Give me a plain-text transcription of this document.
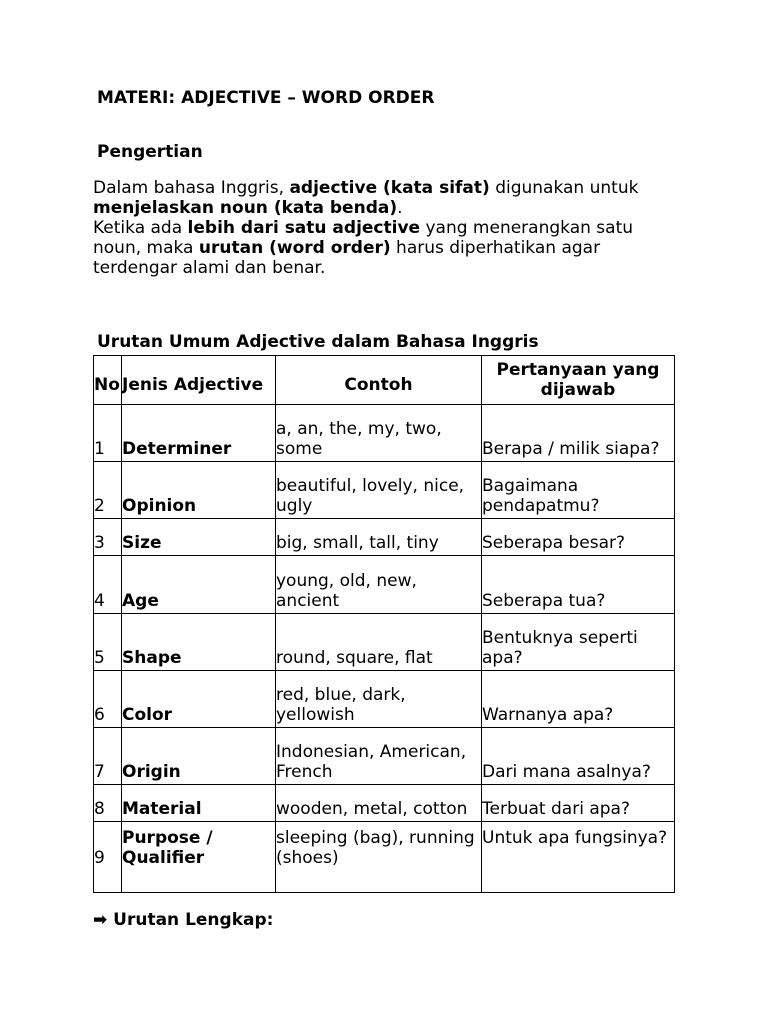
MATERI: ADJECTIVE – WORD ORDER
Pengertian
Dalam bahasa Inggris, adjective (kata sifat) digunakan untuk menjelaskan noun (kata benda).
Ketika ada lebih dari satu adjective yang menerangkan satu noun, maka urutan (word order) harus diperhatikan agar terdengar alami dan benar.
Urutan Umum Adjective dalam Bahasa Inggris
No	Jenis Adjective	Contoh	Pertanyaan yang dijawab
1	Determiner	a, an, the, my, two, some	Berapa / milik siapa?
2	Opinion	beautiful, lovely, nice, ugly	Bagaimana pendapatmu?
3	Size	big, small, tall, tiny	Seberapa besar?
4	Age	young, old, new, ancient	Seberapa tua?
5	Shape	round, square, flat	Bentuknya seperti apa?
6	Color	red, blue, dark, yellowish	Warnanya apa?
7	Origin	Indonesian, American, French	Dari mana asalnya?
8	Material	wooden, metal, cotton	Terbuat dari apa?
9	Purpose / Qualifier	sleeping (bag), running (shoes)	Untuk apa fungsinya?
➡ Urutan Lengkap:
